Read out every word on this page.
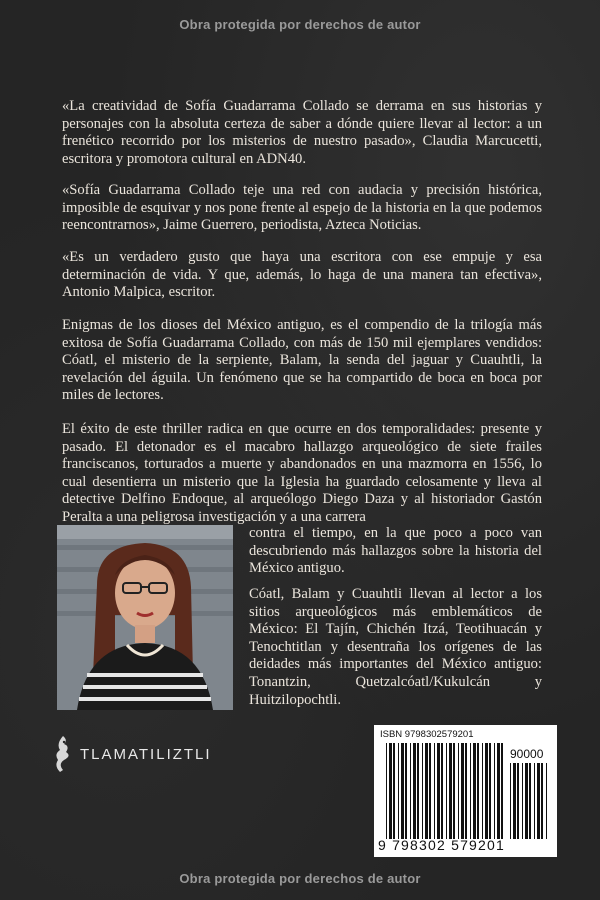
Obra protegida por derechos de autor

«La creatividad de Sofía Guadarrama Collado se derrama en sus historias y personajes con la absoluta certeza de saber a dónde quiere llevar al lector: a un frenético recorrido por los misterios de nuestro pasado», Claudia Marcucetti, escritora y promotora cultural en ADN40.

«Sofía Guadarrama Collado teje una red con audacia y precisión histórica, imposible de esquivar y nos pone frente al espejo de la historia en la que podemos reencontrarnos», Jaime Guerrero, periodista, Azteca Noticias.

«Es un verdadero gusto que haya una escritora con ese empuje y esa determinación de vida. Y que, además, lo haga de una manera tan efectiva», Antonio Malpica, escritor.

Enigmas de los dioses del México antiguo, es el compendio de la trilogía más exitosa de Sofía Guadarrama Collado, con más de 150 mil ejemplares vendidos: Cóatl, el misterio de la serpiente, Balam, la senda del jaguar y Cuauhtli, la revelación del águila. Un fenómeno que se ha compartido de boca en boca por miles de lectores.

El éxito de este thriller radica en que ocurre en dos temporalidades: presente y pasado. El detonador es el macabro hallazgo arqueológico de siete frailes franciscanos, torturados a muerte y abandonados en una mazmorra en 1556, lo cual desentierra un misterio que la Iglesia ha guardado celosamente y lleva al detective Delfino Endoque, al arqueólogo Diego Daza y al historiador Gastón Peralta a una peligrosa investigación y a una carrera

contra el tiempo, en la que poco a poco van descubriendo más hallazgos sobre la historia del México antiguo.

Cóatl, Balam y Cuauhtli llevan al lector a los sitios arqueológicos más emblemáticos de México: El Tajín, Chichén Itzá, Teotihuacán y Tenochtitlan y desentraña los orígenes de las deidades más importantes del México antiguo: Tonantzin, Quetzalcóatl/Kukulcán y Huitzilopochtli.

TLAMATILIZTLI
ISBN 9798302579201
90000
9 798302 579201
Obra protegida por derechos de autor
